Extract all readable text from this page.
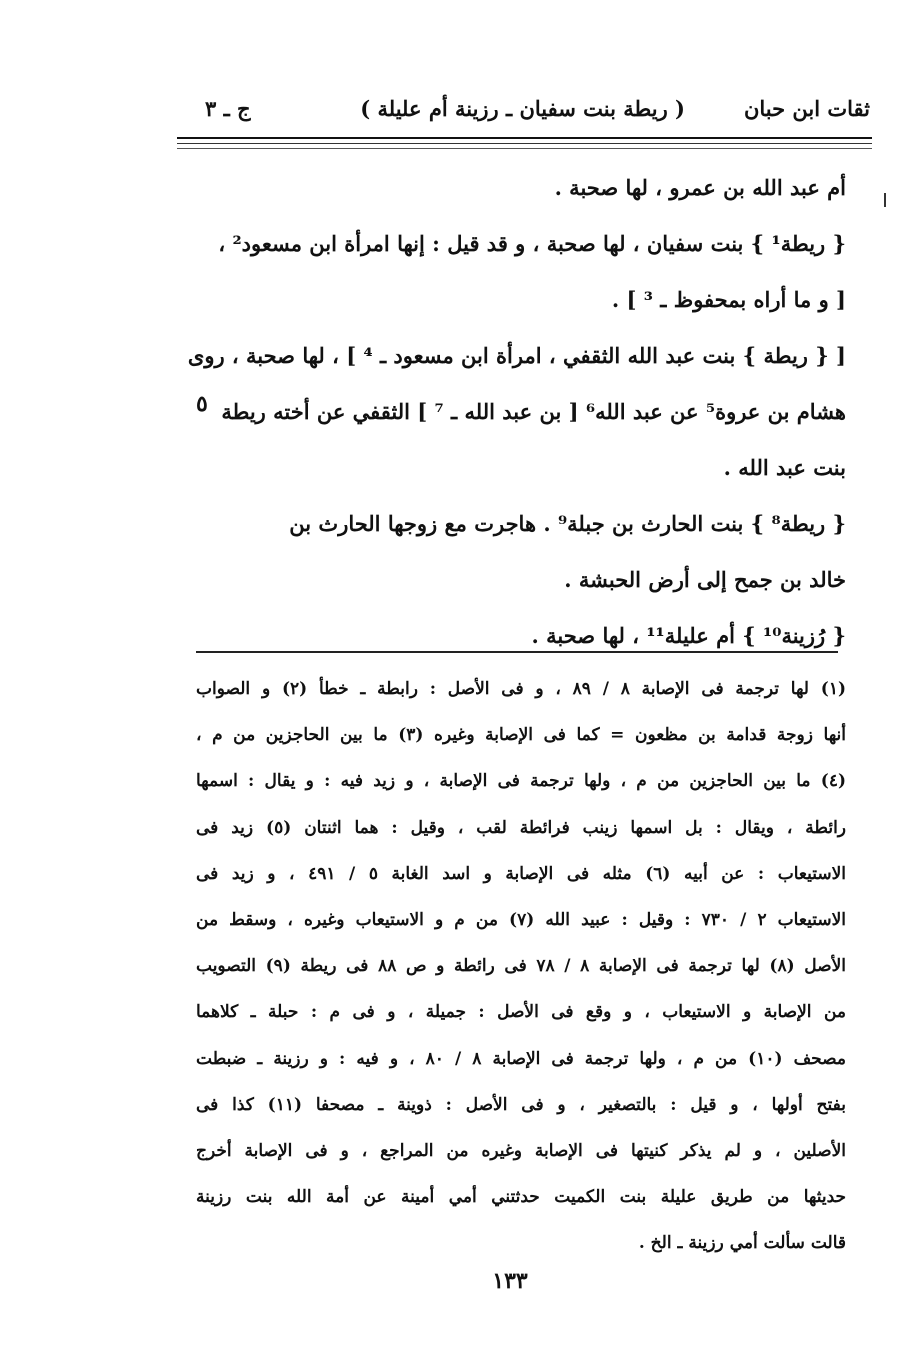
ثقات ابن حبان
( ريطة بنت سفيان ـ رزينة أم عليلة )
ج ـ ٣
أم عبد الله بن عمرو ، لها صحبة .
{ ريطة¹ } بنت سفيان ، لها صحبة ، و قد قيل : إنها امرأة ابن مسعود² ،
[ و ما أراه بمحفوظ ـ ³ ] .
[ { ريطة } بنت عبد الله الثقفي ، امرأة ابن مسعود ـ ⁴ ] ، لها صحبة ، روى
هشام بن عروة⁵ عن عبد الله⁶ [ بن عبد الله ـ ⁷ ] الثقفي عن أخته ريطة
بنت عبد الله .
{ ريطة⁸ } بنت الحارث بن جبلة⁹ . هاجرت مع زوجها الحارث بن
خالد بن جمح إلى أرض الحبشة .
{ رُزينة¹⁰ } أم عليلة¹¹ ، لها صحبة .
٥
(١) لها ترجمة فى الإصابة ٨ / ٨٩ ، و فى الأصل : رابطة ـ خطأ (٢) و الصواب
أنها زوجة قدامة بن مظعون = كما فى الإصابة وغيره (٣) ما بين الحاجزين من م ،
(٤) ما بين الحاجزين من م ، ولها ترجمة فى الإصابة ، و زيد فيه : و يقال : اسمها
رائطة ، ويقال : بل اسمها زينب فرائطة لقب ، وقيل : هما اثنتان (٥) زيد فى
الاستيعاب : عن أبيه (٦) مثله فى الإصابة و اسد الغابة ٥ / ٤٩١ ، و زيد فى
الاستيعاب ٢ / ٧٣٠ : وقيل : عبيد الله (٧) من م و الاستيعاب وغيره ، وسقط من
الأصل (٨) لها ترجمة فى الإصابة ٨ / ٧٨ فى رائطة و ص ٨٨ فى ريطة (٩) التصويب
من الإصابة و الاستيعاب ، و وقع فى الأصل : جميلة ، و فى م : حبلة ـ كلاهما
مصحف (١٠) من م ، ولها ترجمة فى الإصابة ٨ / ٨٠ ، و فيه : و رزينة ـ ضبطت
بفتح أولها ، و قيل : بالتصغير ، و فى الأصل : ذوينة ـ مصحفا (١١) كذا فى
الأصلين ، و لم يذكر كنيتها فى الإصابة وغيره من المراجع ، و فى الإصابة أخرج
حديثها من طريق عليلة بنت الكميت حدثتني أمي أمينة عن أمة الله بنت رزينة
قالت سألت أمي رزينة ـ الخ .
١٣٣
